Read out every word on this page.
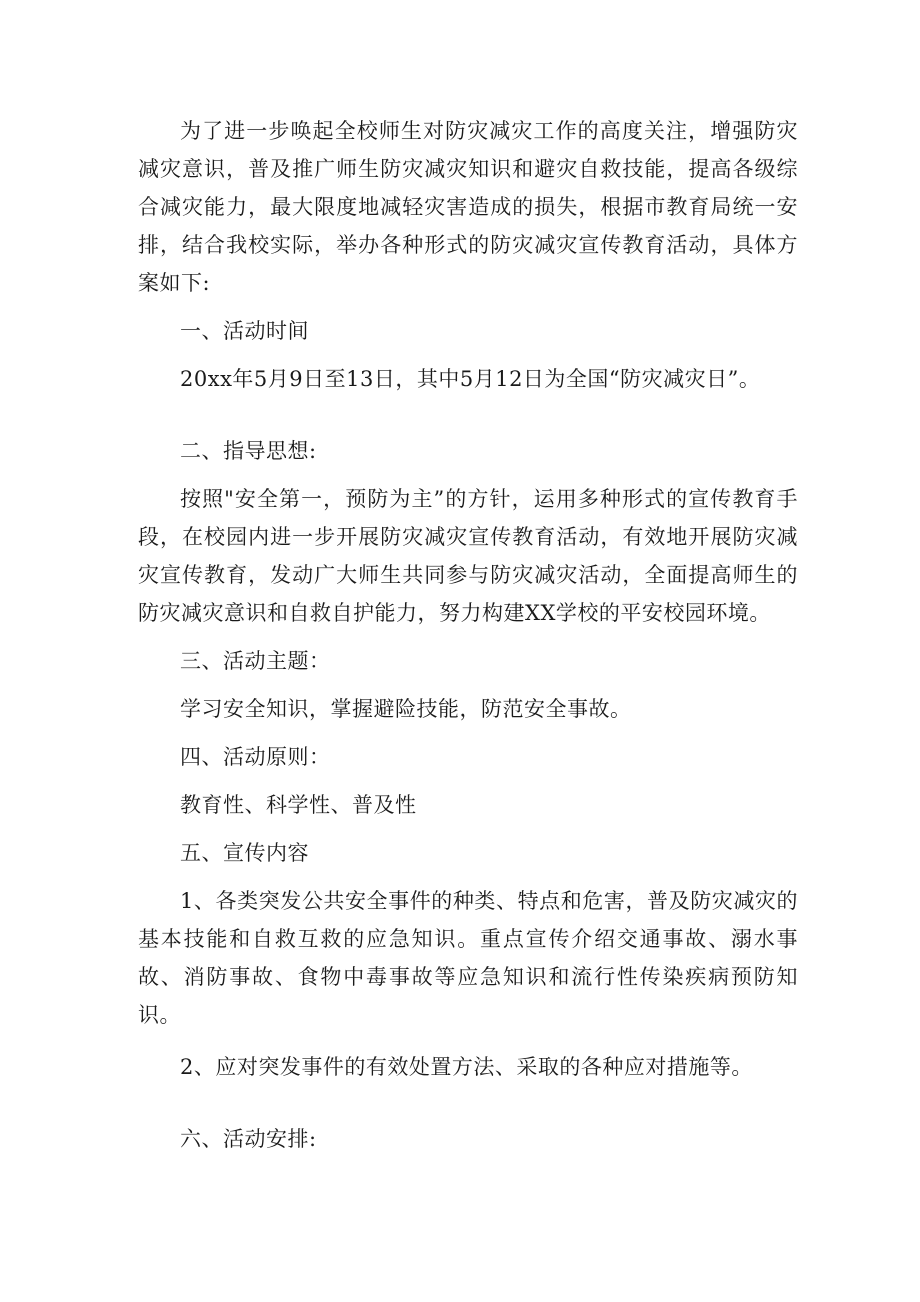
为了进一步唤起全校师生对防灾减灾工作的高度关注，增强防灾减灾意识，普及推广师生防灾减灾知识和避灾自救技能，提高各级综合减灾能力，最大限度地减轻灾害造成的损失，根据市教育局统一安排，结合我校实际，举办各种形式的防灾减灾宣传教育活动，具体方案如下:

一、活动时间

20xx年5月9日至13日，其中5月12日为全国“防灾减灾日”。

二、指导思想:

按照"安全第一，预防为主”的方针，运用多种形式的宣传教育手段，在校园内进一步开展防灾减灾宣传教育活动，有效地开展防灾减灾宣传教育，发动广大师生共同参与防灾减灾活动，全面提高师生的防灾减灾意识和自救自护能力，努力构建XX学校的平安校园环境。

三、活动主题：

学习安全知识，掌握避险技能，防范安全事故。

四、活动原则：

教育性、科学性、普及性

五、宣传内容

1、各类突发公共安全事件的种类、特点和危害，普及防灾减灾的基本技能和自救互救的应急知识。重点宣传介绍交通事故、溺水事故、消防事故、食物中毒事故等应急知识和流行性传染疾病预防知识。

2、应对突发事件的有效处置方法、采取的各种应对措施等。

六、活动安排:
